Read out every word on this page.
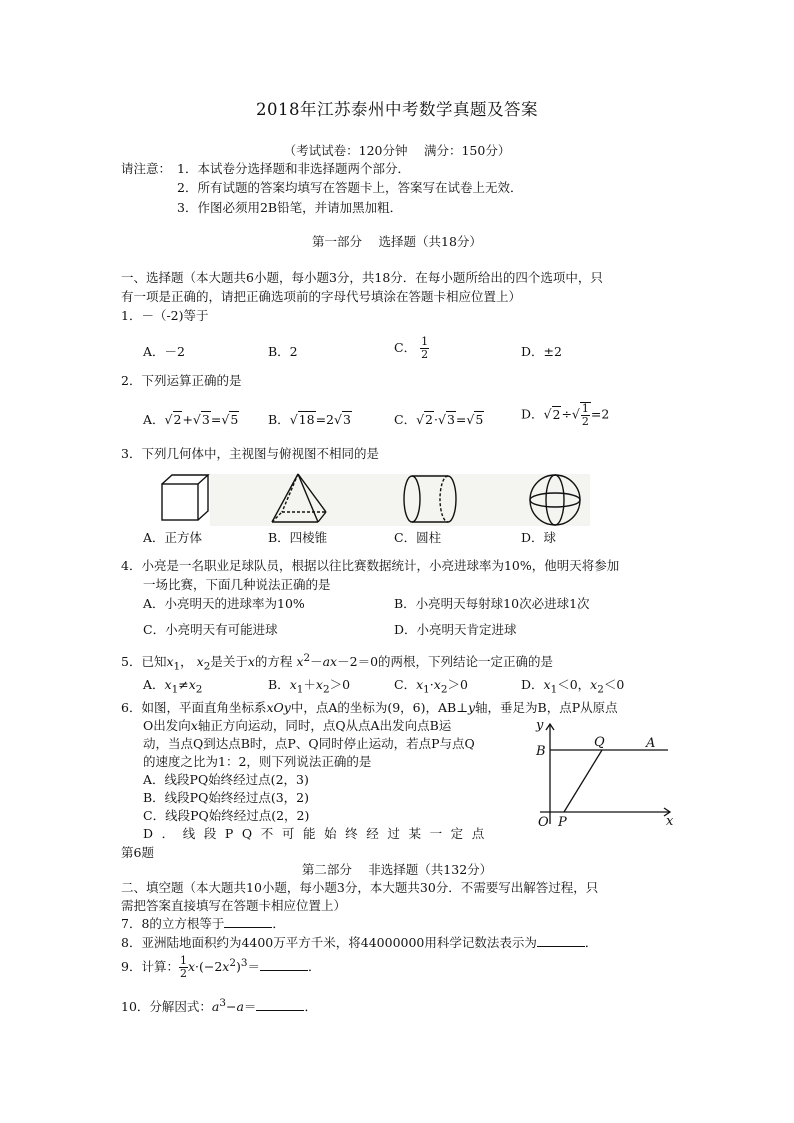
2018年江苏泰州中考数学真题及答案
（考试试卷：120分钟　 满分：150分）
请注意： 1．本试卷分选择题和非选择题两个部分．
2．所有试题的答案均填写在答题卡上，答案写在试卷上无效．
3．作图必须用2B铅笔，并请加黑加粗．
第一部分　 选择题（共18分）
一、选择题（本大题共6小题，每小题3分，共18分．在每小题所给出的四个选项中，只
有一项是正确的，请把正确选项前的字母代号填涂在答题卡相应位置上）
1．－（-2)等于
A．－2	B．2	C． $\frac{1}{2}$	D．±2
2．下列运算正确的是
A．√2+√3=√5 B．√18=2√3	C．√2·√3=√5	D．$√2\div√ \frac{1}{2} =2$
3．下列几何体中，主视图与俯视图不相同的是
A．正方体	B．四棱锥	C．圆柱	D．球
4．小亮是一名职业足球队员，根据以往比赛数据统计，小亮进球率为10%，他明天将参加
一场比赛，下面几种说法正确的是
A．小亮明天的进球率为10%	B．小亮明天每射球10次必进球1次
C．小亮明天有可能进球	D．小亮明天肯定进球
5．已知$x_1$， $x_2$是关于x的方程 $x^2-ax-2=0$的两根，下列结论一定正确的是
A．$x_1\ne x_2$	B．$x_1+x_2>0$	C．$x_1\cdot x_2>0$	D．$x_1<0$，$x_2<0$
6．如图，平面直角坐标系xOy中，点A的坐标为(9，6)，AB⊥y轴，垂足为B，点P从原点
O出发向x轴正方向运动，同时，点Q从点A出发向点B运
动，当点Q到达点B时，点P、Q同时停止运动，若点P与点Q
的速度之比为1：2，则下列说法正确的是
A．线段PQ始终经过点(2，3)
B．线段PQ始终经过点(3，2)
C．线段PQ始终经过点(2，2)
D．线段PQ不可能始终经过某一定点
第6题
y
x
B
A
Q
O P
第二部分　 非选择题（共132分）
二、填空题（本大题共10小题，每小题3分，本大题共30分．不需要写出解答过程，只
需把答案直接填写在答题卡相应位置上）
7．8的立方根等于	．
8．亚洲陆地面积约为4400万平方千米，将44000000用科学记数法表示为	．
9．计算： $\frac{1}{2} x\cdot(-2x^2)^3=$	．
10．分解因式：$a^3-a=$	．
